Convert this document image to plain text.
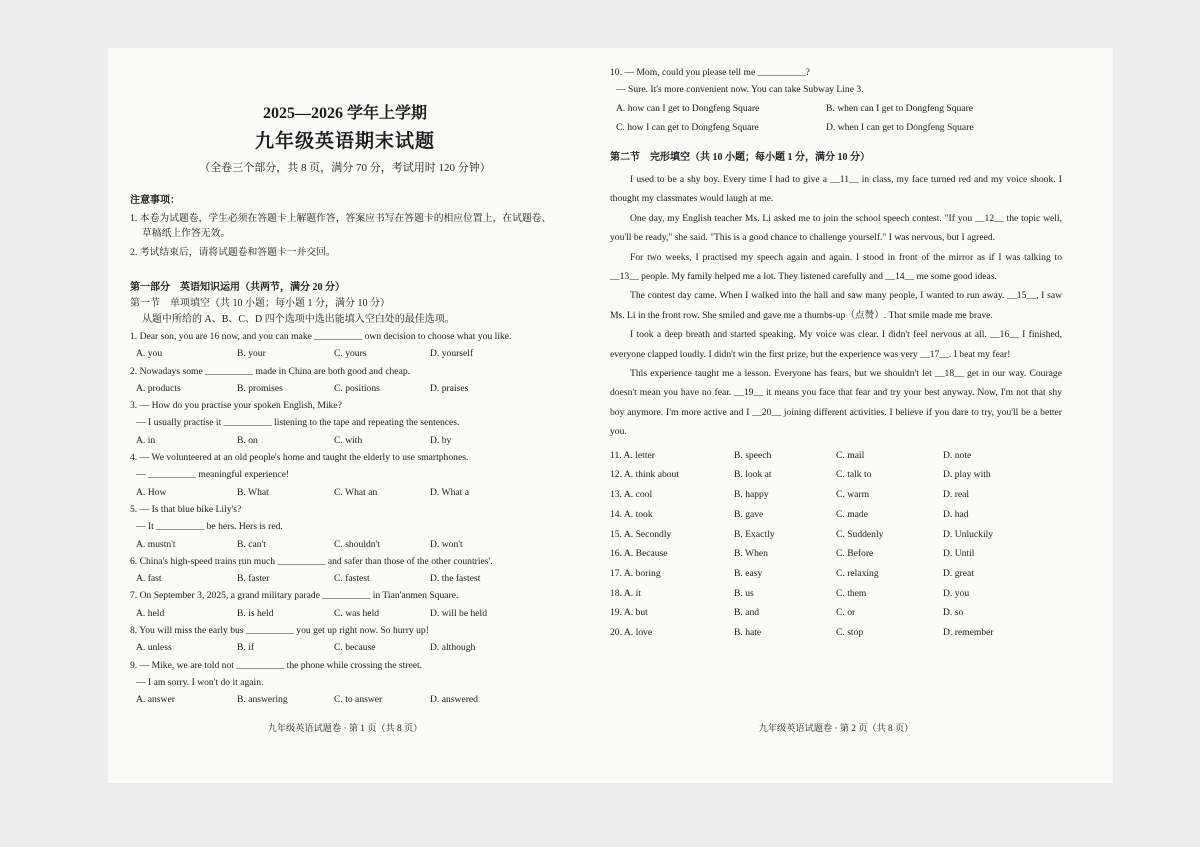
2025—2026 学年上学期
九年级英语期末试题
（全卷三个部分，共 8 页，满分 70 分，考试用时 120 分钟）
注意事项：
1. 本卷为试题卷，学生必须在答题卡上解题作答，答案应书写在答题卡的相应位置上，在试题卷、草稿纸上作答无效。
2. 考试结束后，请将试题卷和答题卡一并交回。
第一部分　英语知识运用（共两节，满分 20 分）
第一节　单项填空（共 10 小题；每小题 1 分，满分 10 分）
从题中所给的 A、B、C、D 四个选项中选出能填入空白处的最佳选项。
1. Dear son, you are 16 now, and you can make __________ own decision to choose what you like.
A. you	B. your	C. yours	D. yourself
2. Nowadays some __________ made in China are both good and cheap.
A. products	B. promises	C. positions	D. praises
3. — How do you practise your spoken English, Mike?
— I usually practise it __________ listening to the tape and repeating the sentences.
A. in	B. on	C. with	D. by
4. — We volunteered at an old people's home and taught the elderly to use smartphones.
— __________ meaningful experience!
A. How	B. What	C. What an	D. What a
5. — Is that blue bike Lily's?
— It __________ be hers. Hers is red.
A. mustn't	B. can't	C. shouldn't	D. won't
6. China's high-speed trains run much __________ and safer than those of the other countries'.
A. fast	B. faster	C. fastest	D. the fastest
7. On September 3, 2025, a grand military parade __________ in Tian'anmen Square.
A. held	B. is held	C. was held	D. will be held
8. You will miss the early bus __________ you get up right now. So hurry up!
A. unless	B. if	C. because	D. although
9. — Mike, we are told not __________ the phone while crossing the street.
— I am sorry. I won't do it again.
A. answer	B. answering	C. to answer	D. answered
九年级英语试题卷 · 第 1 页（共 8 页）
10. — Mom, could you please tell me __________?
— Sure. It's more convenient now. You can take Subway Line 3.
A. how can I get to Dongfeng Square	B. when can I get to Dongfeng Square
C. how I can get to Dongfeng Square	D. when I can get to Dongfeng Square
第二节　完形填空（共 10 小题；每小题 1 分，满分 10 分）
I used to be a shy boy. Every time I had to give a __11__ in class, my face turned red and my voice shook. I thought my classmates would laugh at me.
One day, my English teacher Ms. Li asked me to join the school speech contest. "If you __12__ the topic well, you'll be ready," she said. "This is a good chance to challenge yourself." I was nervous, but I agreed.
For two weeks, I practised my speech again and again. I stood in front of the mirror as if I was talking to __13__ people. My family helped me a lot. They listened carefully and __14__ me some good ideas.
The contest day came. When I walked into the hall and saw many people, I wanted to run away. __15__, I saw Ms. Li in the front row. She smiled and gave me a thumbs-up（点赞）. That smile made me brave.
I took a deep breath and started speaking. My voice was clear. I didn't feel nervous at all. __16__ I finished, everyone clapped loudly. I didn't win the first prize, but the experience was very __17__. I beat my fear!
This experience taught me a lesson. Everyone has fears, but we shouldn't let __18__ get in our way. Courage doesn't mean you have no fear. __19__ it means you face that fear and try your best anyway. Now, I'm not that shy boy anymore. I'm more active and I __20__ joining different activities. I believe if you dare to try, you'll be a better you.
11. A. letter	B. speech	C. mail	D. note
12. A. think about	B. look at	C. talk to	D. play with
13. A. cool	B. happy	C. warm	D. real
14. A. took	B. gave	C. made	D. had
15. A. Secondly	B. Exactly	C. Suddenly	D. Unluckily
16. A. Because	B. When	C. Before	D. Until
17. A. boring	B. easy	C. relaxing	D. great
18. A. it	B. us	C. them	D. you
19. A. but	B. and	C. or	D. so
20. A. love	B. hate	C. stop	D. remember
九年级英语试题卷 · 第 2 页（共 8 页）
